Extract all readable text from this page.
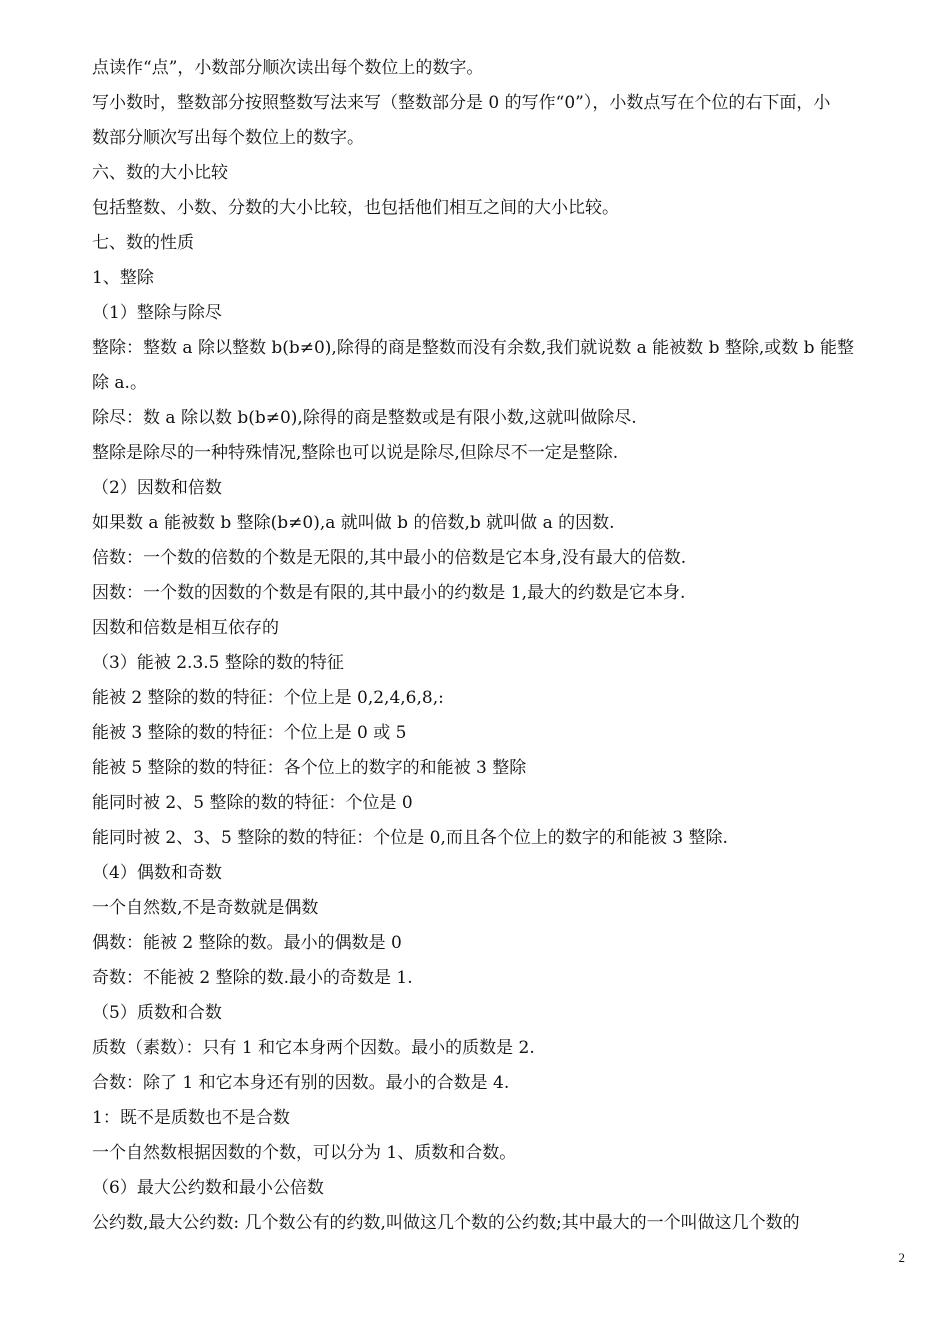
点读作“点”，小数部分顺次读出每个数位上的数字。
写小数时，整数部分按照整数写法来写（整数部分是 0 的写作“0”），小数点写在个位的右下面，小
数部分顺次写出每个数位上的数字。
六、数的大小比较
包括整数、小数、分数的大小比较，也包括他们相互之间的大小比较。
七、数的性质
1、整除
（1）整除与除尽
整除：整数 a 除以整数 b(b≠0),除得的商是整数而没有余数,我们就说数 a 能被数 b 整除,或数 b 能整
除 a.。
除尽：数 a 除以数 b(b≠0),除得的商是整数或是有限小数,这就叫做除尽.
整除是除尽的一种特殊情况,整除也可以说是除尽,但除尽不一定是整除.
（2）因数和倍数
如果数 a 能被数 b 整除(b≠0),a 就叫做 b 的倍数,b 就叫做 a 的因数.
倍数：一个数的倍数的个数是无限的,其中最小的倍数是它本身,没有最大的倍数.
因数：一个数的因数的个数是有限的,其中最小的约数是 1,最大的约数是它本身.
因数和倍数是相互依存的
（3）能被 2.3.5 整除的数的特征
能被 2 整除的数的特征：个位上是 0,2,4,6,8,:
能被 3 整除的数的特征：个位上是 0 或 5
能被 5 整除的数的特征：各个位上的数字的和能被 3 整除
能同时被 2、5 整除的数的特征：个位是 0
能同时被 2、3、5 整除的数的特征：个位是 0,而且各个位上的数字的和能被 3 整除.
（4）偶数和奇数
一个自然数,不是奇数就是偶数
偶数：能被 2 整除的数。最小的偶数是 0
奇数：不能被 2 整除的数.最小的奇数是 1.
（5）质数和合数
质数（素数）：只有 1 和它本身两个因数。最小的质数是 2.
合数：除了 1 和它本身还有别的因数。最小的合数是 4.
1：既不是质数也不是合数
一个自然数根据因数的个数，可以分为 1、质数和合数。
（6）最大公约数和最小公倍数
公约数,最大公约数: 几个数公有的约数,叫做这几个数的公约数;其中最大的一个叫做这几个数的
2
